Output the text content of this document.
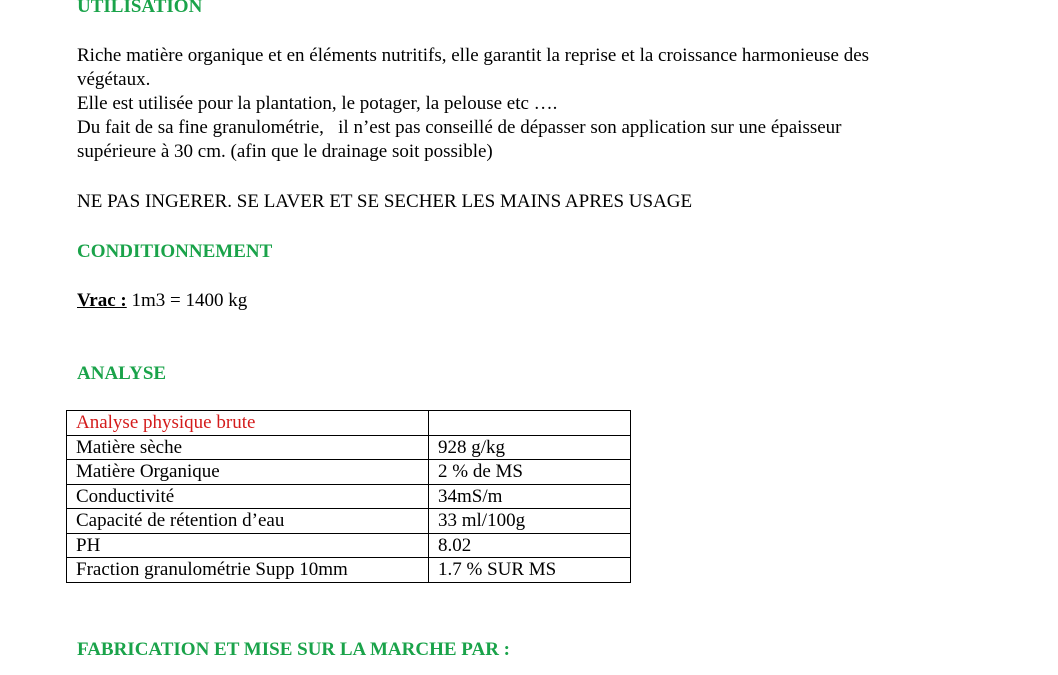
UTILISATION

Riche matière organique et en éléments nutritifs, elle garantit la reprise et la croissance harmonieuse des

végétaux.

Elle est utilisée pour la plantation, le potager, la pelouse etc ….

Du fait de sa fine granulométrie,   il n’est pas conseillé de dépasser son application sur une épaisseur

supérieure à 30 cm. (afin que le drainage soit possible)

NE PAS INGERER. SE LAVER ET SE SECHER LES MAINS APRES USAGE

CONDITIONNEMENT

Vrac : 1m3 = 1400 kg

ANALYSE
Analyse physique brute	
Matière sèche	928 g/kg
Matière Organique	2 % de MS
Conductivité	34mS/m
Capacité de rétention d’eau	33 ml/100g
PH	8.02
Fraction granulométrie Supp 10mm	1.7 % SUR MS
FABRICATION ET MISE SUR LA MARCHE PAR :
